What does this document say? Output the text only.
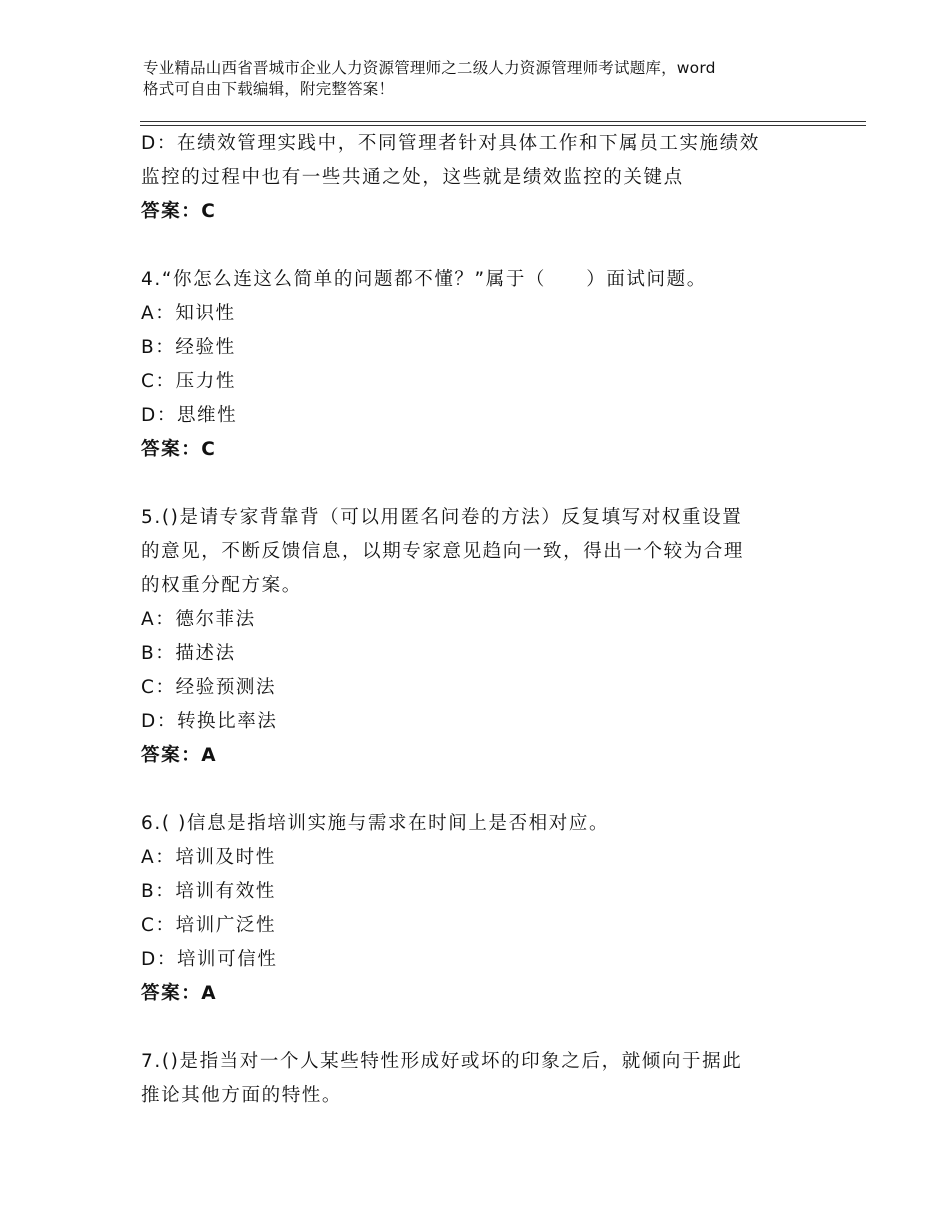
专业精品山西省晋城市企业人力资源管理师之二级人力资源管理师考试题库，word
格式可自由下载编辑，附完整答案！
D：在绩效管理实践中，不同管理者针对具体工作和下属员工实施绩效
监控的过程中也有一些共通之处，这些就是绩效监控的关键点
答案：C
4.“你怎么连这么简单的问题都不懂？”属于（　　）面试问题。
A：知识性
B：经验性
C：压力性
D：思维性
答案：C
5.()是请专家背靠背（可以用匿名问卷的方法）反复填写对权重设置
的意见，不断反馈信息，以期专家意见趋向一致，得出一个较为合理
的权重分配方案。
A：德尔菲法
B：描述法
C：经验预测法
D：转换比率法
答案：A
6.( )信息是指培训实施与需求在时间上是否相对应。
A：培训及时性
B：培训有效性
C：培训广泛性
D：培训可信性
答案：A
7.()是指当对一个人某些特性形成好或坏的印象之后，就倾向于据此
推论其他方面的特性。
